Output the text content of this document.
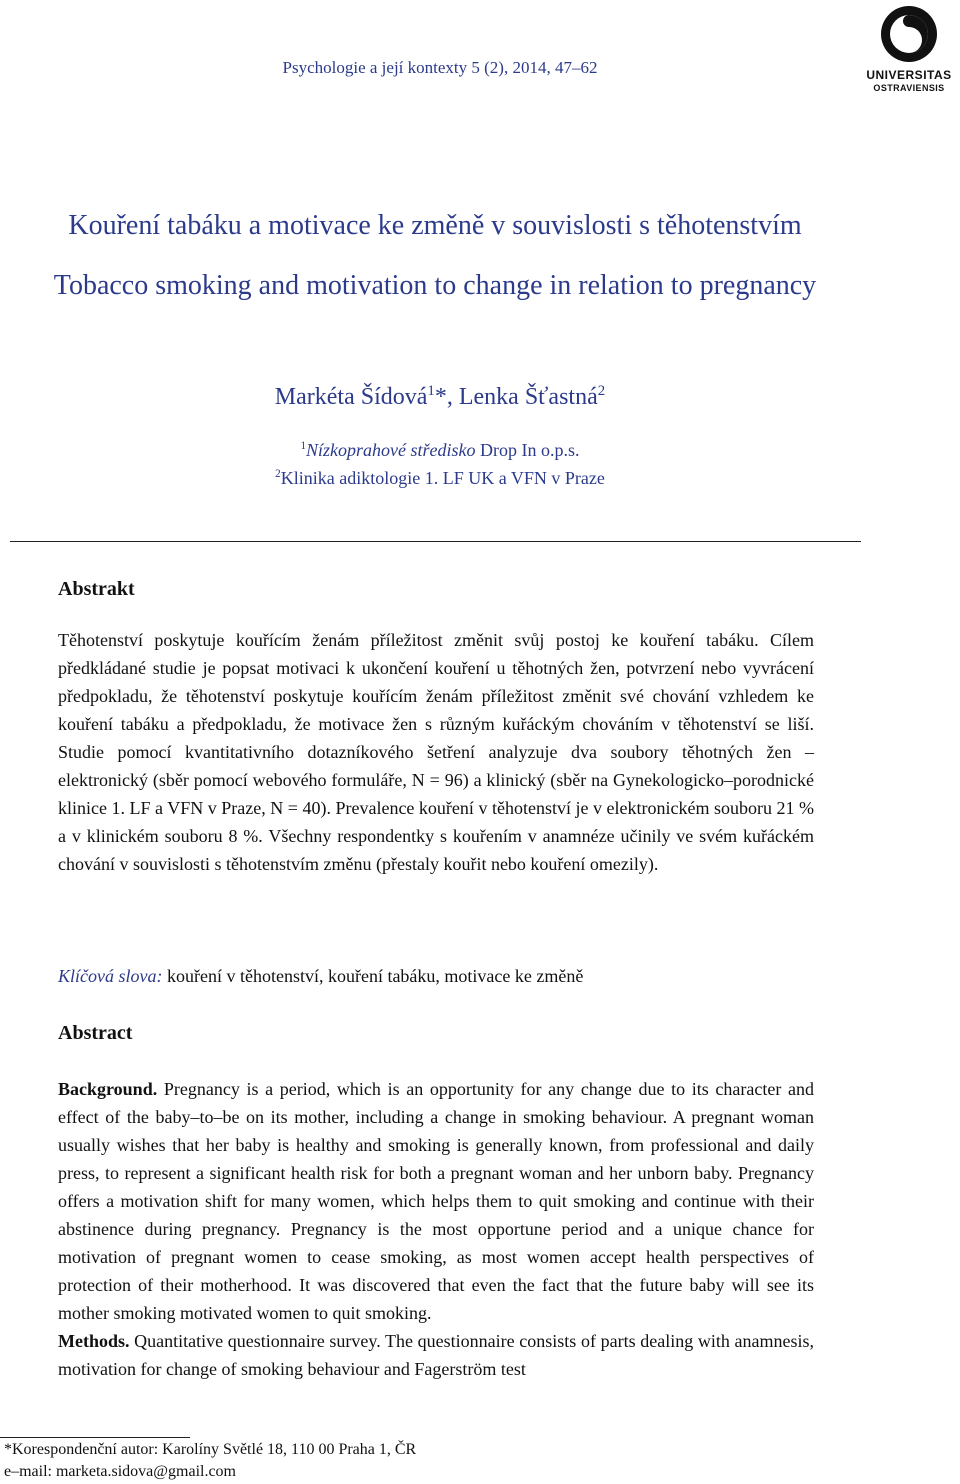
Psychologie a její kontexty 5 (2), 2014, 47–62	UNIVERSITAS
OSTRAVIENSIS
Kouření tabáku a motivace ke změně v souvislosti s těhotenstvím
Tobacco smoking and motivation to change in relation to pregnancy
Markéta Šídová$^1$*, Lenka Šťastná$^2$
$^1$Nízkoprahové středisko Drop In o.p.s.
$^2$Klinika adiktologie 1. LF UK a VFN v Praze
Abstrakt
Těhotenství poskytuje kouřícím ženám příležitost změnit svůj postoj ke kouření tabáku. Cílem předkládané studie je popsat motivaci k ukončení kouření u těhotných žen, potvrzení nebo vyvrácení předpokladu, že těhotenství poskytuje kouřícím ženám příležitost změnit své chování vzhledem ke kouření tabáku a předpokladu, že motivace žen s různým kuřáckým chováním v těhotenství se liší. Studie pomocí kvantitativního dotazníkového šetření analyzuje dva soubory těhotných žen – elektronický (sběr pomocí webového formuláře, N = 96) a klinický (sběr na Gynekologicko–porodnické klinice 1. LF a VFN v Praze, N = 40). Prevalence kouření v těhotenství je v elektronickém souboru 21 % a v klinickém souboru 8 %. Všechny respondentky s kouřením v anamnéze učinily ve svém kuřáckém chování v souvislosti s těhotenstvím změnu (přestaly kouřit nebo kouření omezily).
Klíčová slova: kouření v těhotenství, kouření tabáku, motivace ke změně
Abstract
Background. Pregnancy is a period, which is an opportunity for any change due to its character and effect of the baby–to–be on its mother, including a change in smoking behaviour. A pregnant woman usually wishes that her baby is healthy and smoking is generally known, from professional and daily press, to represent a significant health risk for both a pregnant woman and her unborn baby. Pregnancy offers a motivation shift for many women, which helps them to quit smoking and continue with their abstinence during pregnancy. Pregnancy is the most opportune period and a unique chance for motivation of pregnant women to cease smoking, as most women accept health perspectives of protection of their motherhood. It was discovered that even the fact that the future baby will see its mother smoking motivated women to quit smoking.
Methods. Quantitative questionnaire survey. The questionnaire consists of parts dealing with anamnesis, motivation for change of smoking behaviour and Fagerström test
*Korespondenční autor: Karolíny Světlé 18, 110 00 Praha 1, ČR
e–mail: marketa.sidova@gmail.com
